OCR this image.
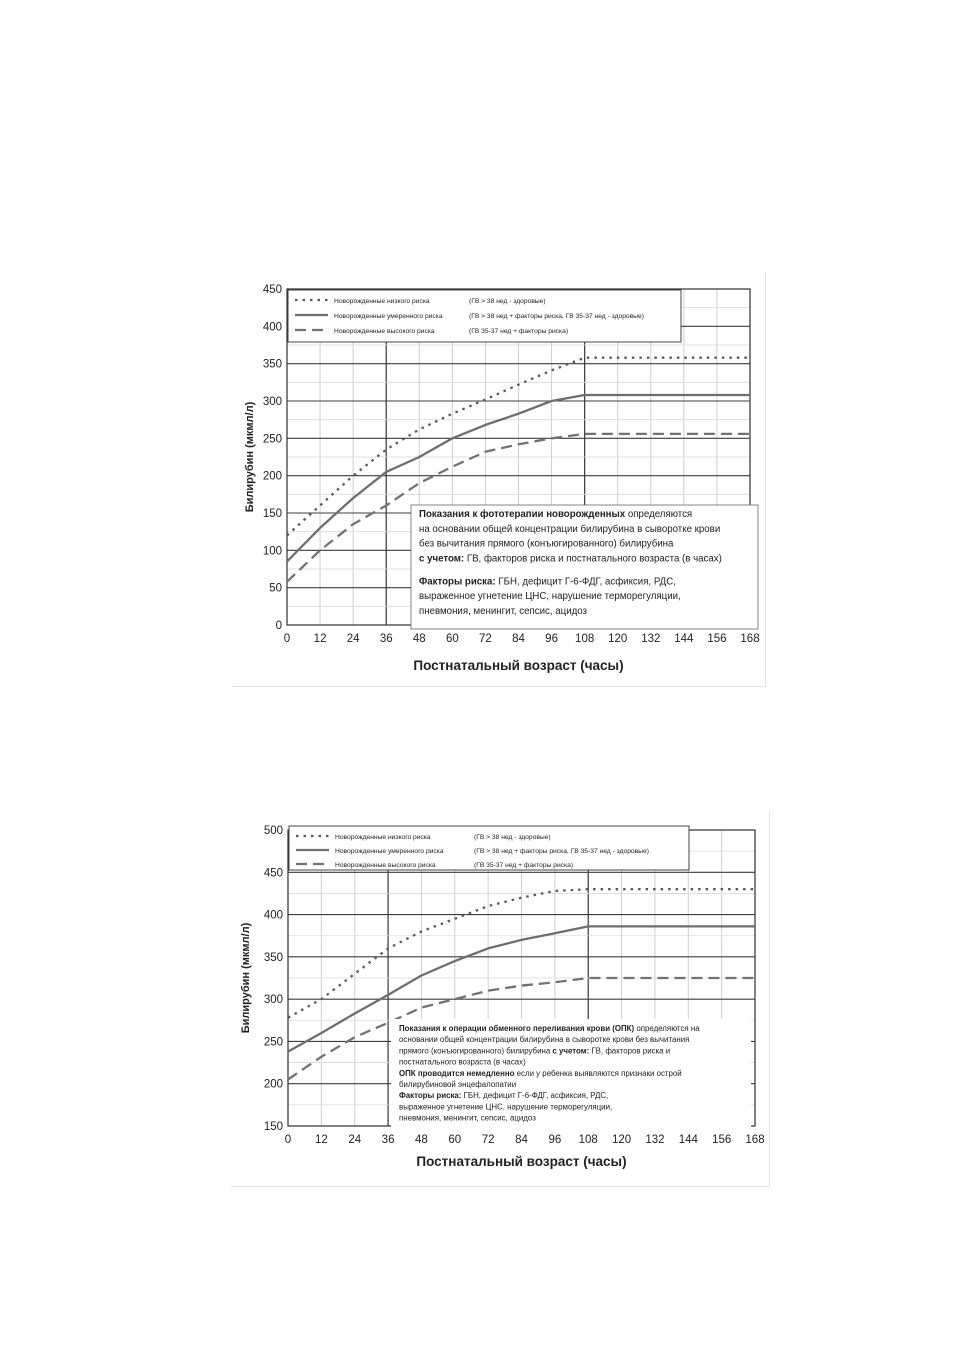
0 12 24 36 48 60 72 84 96 108 120 132 144 156 168
0
50
100
150
200
250
300
350
400
450
Билирубин (мкмл/л)
Постнатальный возраст (часы)
Новорожденные низкого риска	(ГВ > 38 нед - здоровые)
Новорожденные умеренного риска	(ГВ > 38 нед + факторы риска, ГВ 35-37 нед - здоровые)
Новорожденные высокого риска	(ГВ 35-37 нед + факторы риска)
Показания к фототерапии новорожденных определяются
на основании общей концентрации билирубина в сыворотке крови
без вычитания прямого (конъюгированного) билирубина
с учетом: ГВ, факторов риска и постнатального возраста (в часах)
Факторы риска: ГБН, дефицит Г-6-ФДГ, асфиксия, РДС,
выраженное угнетение ЦНС, нарушение терморегуляции,
пневмония, менингит, сепсис, ацидоз
0 12 24 36 48 60 72 84 96 108 120 132 144 156 168
150
200
250
300
350
400
450
500
Билирубин (мкмл/л)
Постнатальный возраст (часы)
Новорожденные низкого риска	(ГВ > 38 нед - здоровые)
Новорожденные умеренного риска	(ГВ > 38 нед + факторы риска, ГВ 35-37 нед - здоровые)
Новорожденные высокого риска	(ГВ 35-37 нед + факторы риска)
Показания к операции обменного переливания крови (ОПК) определяются на
основании общей концентрации билирубина в сыворотке крови без вычитания
прямого (конъюгированного) билирубина с учетом: ГВ, факторов риска и
постнатального возраста (в часах)
ОПК проводится немедленно если у ребенка выявляются признаки острой
билирубиновой энцефалопатии
Факторы риска: ГБН, дефицит Г-6-ФДГ, асфиксия, РДС,
выраженное угнетение ЦНС, нарушение терморегуляции,
пневмония, менингит, сепсис, ацидоз
